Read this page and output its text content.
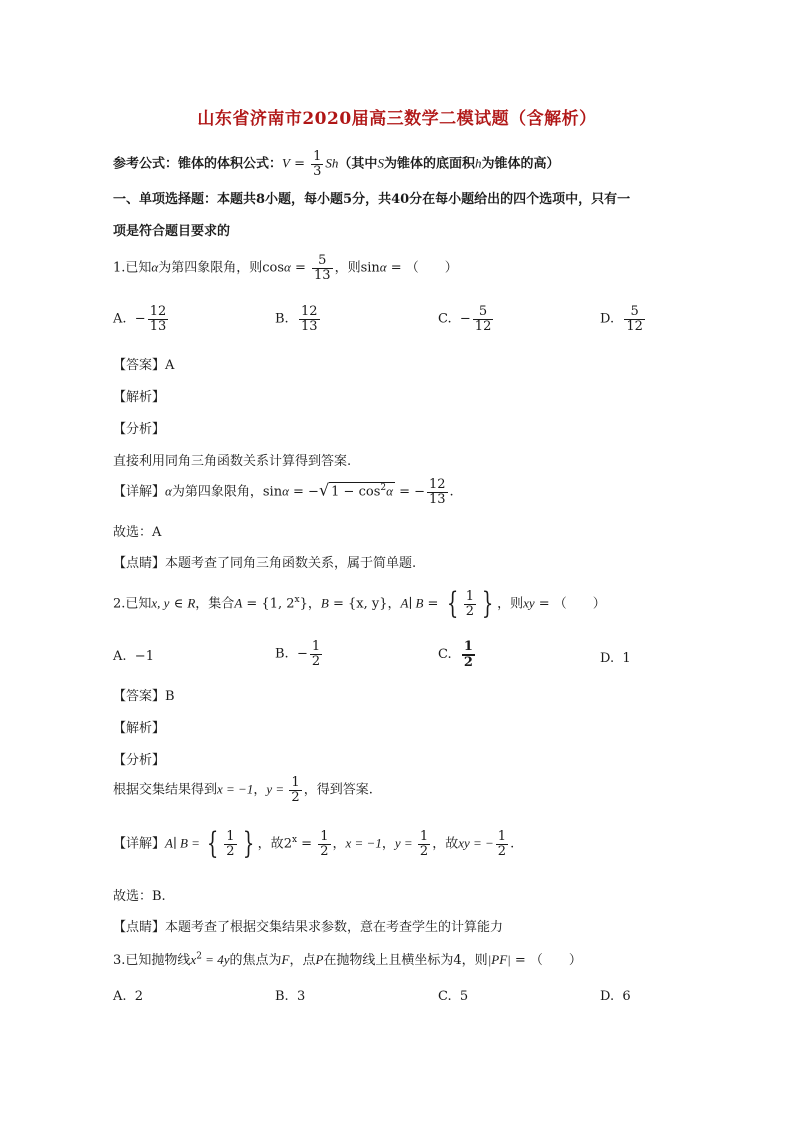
山东省济南市2020届高三数学二模试题（含解析）
参考公式：锥体的体积公式：$V = \frac{1}{3} Sh$（其中S为锥体的底面积h为锥体的高）
一、单项选择题：本题共8小题，每小题5分，共40分在每小题给出的四个选项中，只有一
项是符合题目要求的
1.已知α为第四象限角，则$\cos\alpha = \frac{5}{13}$ ，则sinα = （　　）
A. − $\frac{12}{13}$	B. $\frac{12}{13}$	C. − $\frac{5}{12}$	D. $\frac{5}{12}$
【答案】A
【解析】
【分析】
直接利用同角三角函数关系计算得到答案.
【详解】α为第四象限角，sinα = −√ $1 - \cos^2\alpha$ = − $\frac{12}{13}$ .
故选：A
【点睛】本题考查了同角三角函数关系，属于简单题.
2.已知x, y ∈ R，集合A = {1, 2$^x$}，B = {x, y}，A∣ B = { $\frac{1}{2}$ } ，则xy = （　　）
A. −1	B. − $\frac{1}{2}$	C. $\frac{1}{2}$	D. 1
【答案】B
【解析】
【分析】
根据交集结果得到x = −1，$y = \frac{1}{2}$ ，得到答案.
【详解】A∣ B = { $\frac{1}{2}$ } ，故$2^x = \frac{1}{2}$ ，x = −1，$y = \frac{1}{2}$ ，故xy = − $\frac{1}{2}$ .
故选：B.
【点睛】本题考查了根据交集结果求参数，意在考查学生的计算能力
3.已知抛物线$x^2 = 4y$的焦点为F，点P在抛物线上且横坐标为4，则|PF| = （　　）
A. 2	B. 3	C. 5	D. 6
